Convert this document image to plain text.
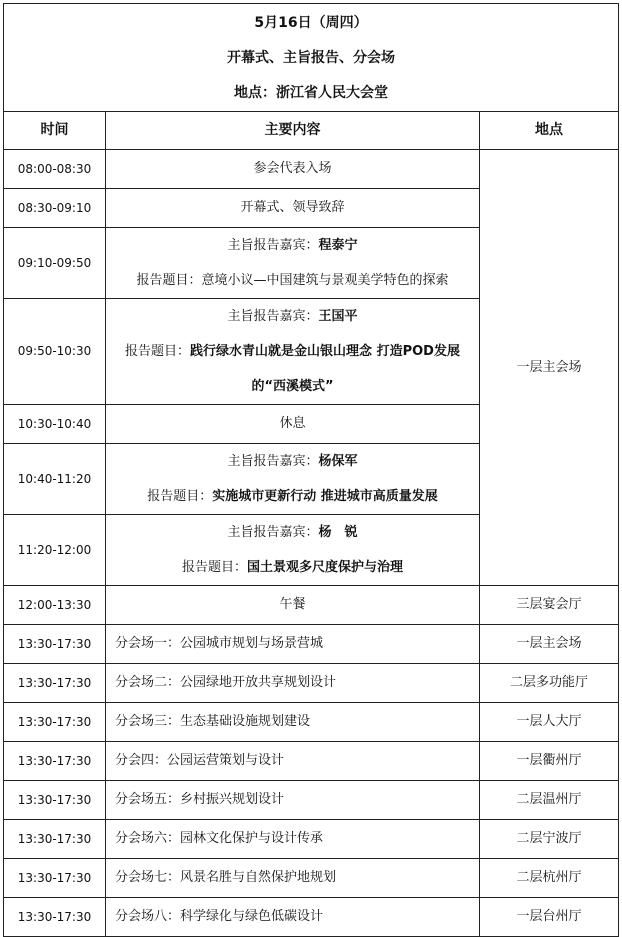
5月16日（周四）
开幕式、主旨报告、分会场
地点：浙江省人民大会堂		

时间	主要内容	地点
08:00-08:30	参会代表入场	一层主会场
08:30-09:10	开幕式、领导致辞	
09:10-09:50	主旨报告嘉宾：程泰宁
报告题目：意境小议—中国建筑与景观美学特色的探索	

09:50-10:30	主旨报告嘉宾：王国平
报告题目：践行绿水青山就是金山银山理念 打造POD发展
的“西溪模式”	

10:30-10:40	休息	
10:40-11:20	主旨报告嘉宾：杨保军
报告题目：实施城市更新行动 推进城市高质量发展	

11:20-12:00	主旨报告嘉宾：杨　锐
报告题目：国土景观多尺度保护与治理	

12:00-13:30	午餐	三层宴会厅
13:30-17:30	分会场一：公园城市规划与场景营城	一层主会场
13:30-17:30	分会场二：公园绿地开放共享规划设计	二层多功能厅
13:30-17:30	分会场三：生态基础设施规划建设	一层人大厅
13:30-17:30	分会四：公园运营策划与设计	一层衢州厅
13:30-17:30	分会场五：乡村振兴规划设计	二层温州厅
13:30-17:30	分会场六：园林文化保护与设计传承	二层宁波厅
13:30-17:30	分会场七：风景名胜与自然保护地规划	二层杭州厅
13:30-17:30	分会场八：科学绿化与绿色低碳设计	一层台州厅
